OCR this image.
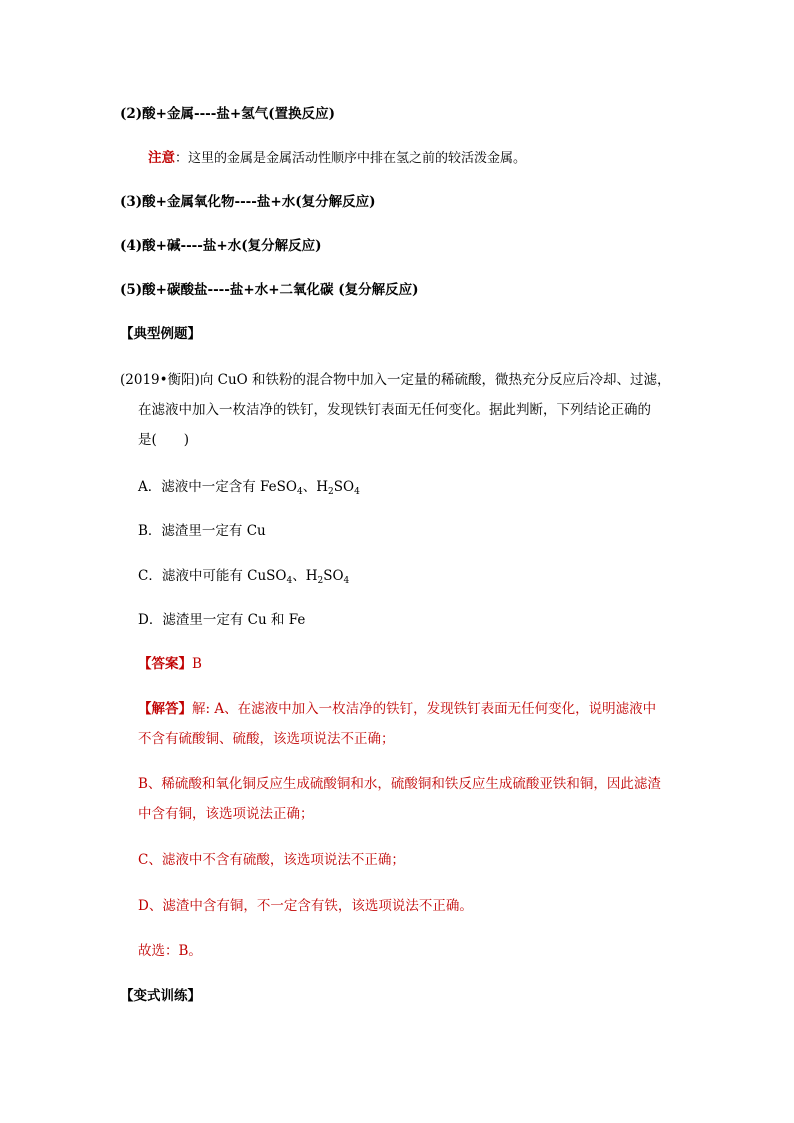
(2)酸+金属----盐+氢气(置换反应)
注意：这里的金属是金属活动性顺序中排在氢之前的较活泼金属。
(3)酸+金属氧化物----盐+水(复分解反应)
(4)酸+碱----盐+水(复分解反应)
(5)酸+碳酸盐----盐+水+二氧化碳 (复分解反应)
【典型例题】
(2019•衡阳)向 CuO 和铁粉的混合物中加入一定量的稀硫酸，微热充分反应后冷却、过滤，
在滤液中加入一枚洁净的铁钉，发现铁钉表面无任何变化。据此判断，下列结论正确的
是(　　)
A．滤液中一定含有 FeSO$_4$、$H_2SO_4$
B．滤渣里一定有 Cu
C．滤液中可能有 CuSO$_4$、$H_2SO_4$
D．滤渣里一定有 Cu 和 Fe
【答案】B
【解答】解: A、在滤液中加入一枚洁净的铁钉，发现铁钉表面无任何变化，说明滤液中
不含有硫酸铜、硫酸，该选项说法不正确；
B、稀硫酸和氧化铜反应生成硫酸铜和水，硫酸铜和铁反应生成硫酸亚铁和铜，因此滤渣
中含有铜，该选项说法正确；
C、滤液中不含有硫酸，该选项说法不正确；
D、滤渣中含有铜，不一定含有铁，该选项说法不正确。
故选：B。
【变式训练】
